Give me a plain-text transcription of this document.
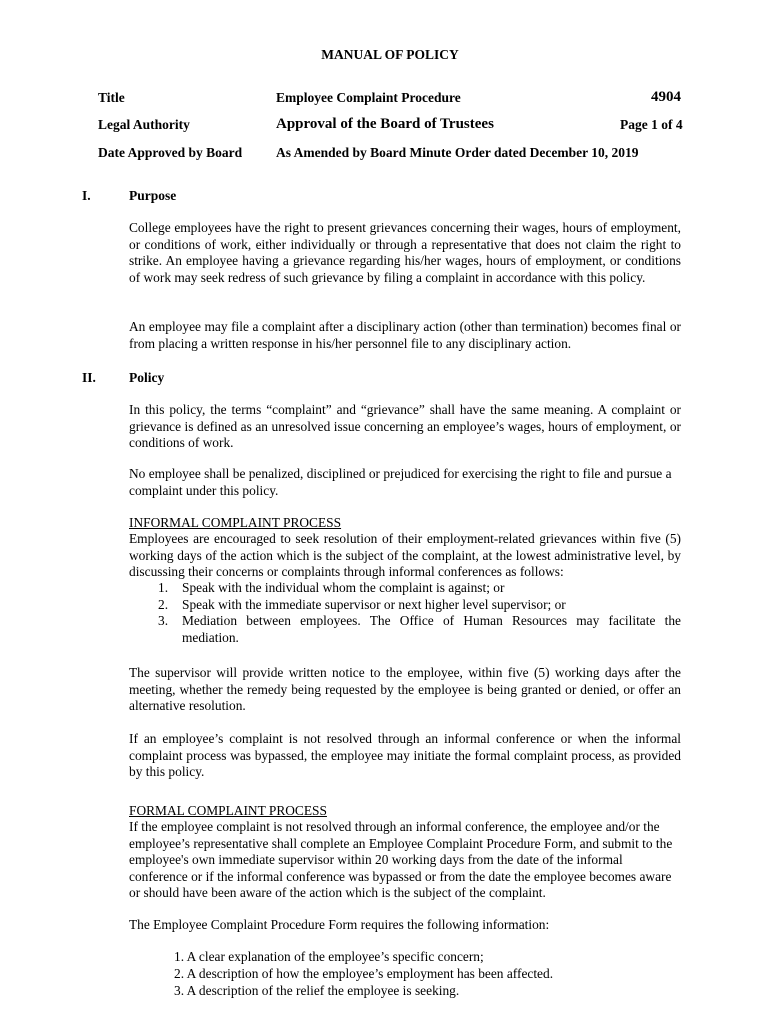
MANUAL OF POLICY
Title	Employee Complaint Procedure	4904
Legal Authority	Approval of the Board of Trustees	Page 1 of 4
Date Approved by Board	As Amended by Board Minute Order dated December 10, 2019
I.	Purpose
College employees have the right to present grievances concerning their wages, hours of employment, or conditions of work, either individually or through a representative that does not claim the right to strike. An employee having a grievance regarding his/her wages, hours of employment, or conditions of work may seek redress of such grievance by filing a complaint in accordance with this policy.
An employee may file a complaint after a disciplinary action (other than termination) becomes final or from placing a written response in his/her personnel file to any disciplinary action.
II. Policy
In this policy, the terms “complaint” and “grievance” shall have the same meaning. A complaint or grievance is defined as an unresolved issue concerning an employee’s wages, hours of employment, or conditions of work.
No employee shall be penalized, disciplined or prejudiced for exercising the right to file and pursue a complaint under this policy.
INFORMAL COMPLAINT PROCESS
Employees are encouraged to seek resolution of their employment-related grievances within five (5) working days of the action which is the subject of the complaint, at the lowest administrative level, by discussing their concerns or complaints through informal conferences as follows:
1. Speak with the individual whom the complaint is against; or
2. Speak with the immediate supervisor or next higher level supervisor; or
3. Mediation between employees. The Office of Human Resources may facilitate the mediation.
The supervisor will provide written notice to the employee, within five (5) working days after the meeting, whether the remedy being requested by the employee is being granted or denied, or offer an alternative resolution.
If an employee’s complaint is not resolved through an informal conference or when the informal complaint process was bypassed, the employee may initiate the formal complaint process, as provided by this policy.
FORMAL COMPLAINT PROCESS
If the employee complaint is not resolved through an informal conference, the employee and/or the employee’s representative shall complete an Employee Complaint Procedure Form, and submit to the employee's own immediate supervisor within 20 working days from the date of the informal conference or if the informal conference was bypassed or from the date the employee becomes aware or should have been aware of the action which is the subject of the complaint.
The Employee Complaint Procedure Form requires the following information:
1. A clear explanation of the employee’s specific concern;
2. A description of how the employee’s employment has been affected.
3. A description of the relief the employee is seeking.
